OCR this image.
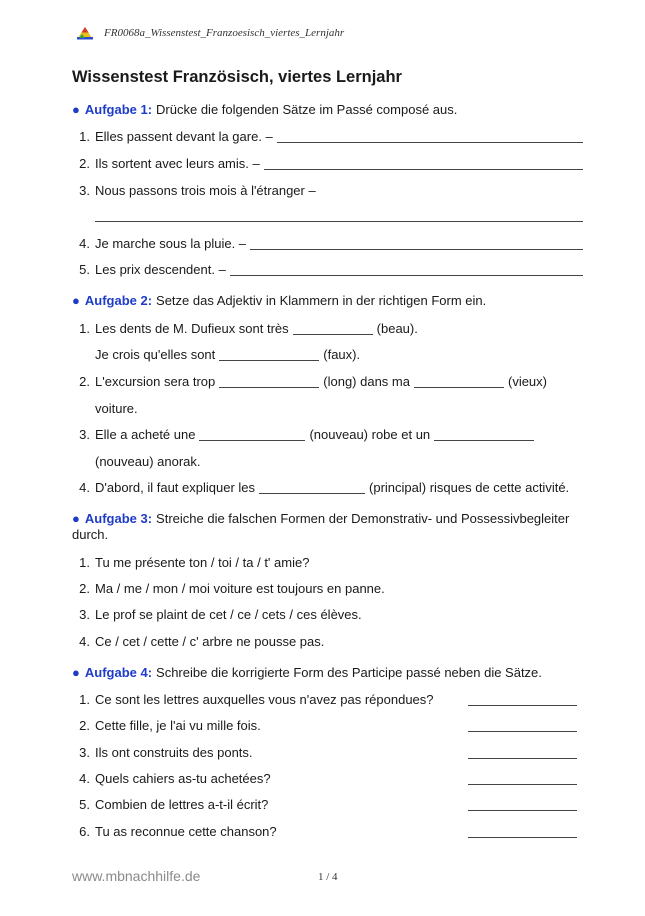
FR0068a_Wissenstest_Franzoesisch_viertes_Lernjahr
Wissenstest Französisch, viertes Lernjahr
● Aufgabe 1: Drücke die folgenden Sätze im Passé composé aus.
1. Elles passent devant la gare. –
2. Ils sortent avec leurs amis. –
3. Nous passons trois mois à l'étranger –
4. Je marche sous la pluie. –
5. Les prix descendent. –
● Aufgabe 2: Setze das Adjektiv in Klammern in der richtigen Form ein.
1. Les dents de M. Dufieux sont très	(beau).
Je crois qu'elles sont	(faux).
2. L'excursion sera trop	(long) dans ma	(vieux)
voiture.
3. Elle a acheté une	(nouveau) robe et un
(nouveau) anorak.
4. D'abord, il faut expliquer les	(principal) risques de cette activité.
● Aufgabe 3: Streiche die falschen Formen der Demonstrativ- und Possessivbegleiter durch.
1. Tu me présente ton / toi / ta / t' amie?
2. Ma / me / mon / moi voiture est toujours en panne.
3. Le prof se plaint de cet / ce / cets / ces élèves.
4. Ce / cet / cette / c' arbre ne pousse pas.
● Aufgabe 4: Schreibe die korrigierte Form des Participe passé neben die Sätze.
1. Ce sont les lettres auxquelles vous n'avez pas répondues?
2. Cette fille, je l'ai vu mille fois.
3. Ils ont construits des ponts.
4. Quels cahiers as-tu achetées?
5. Combien de lettres a-t-il écrit?
6. Tu as reconnue cette chanson?
www.mbnachhilfe.de	1 / 4
